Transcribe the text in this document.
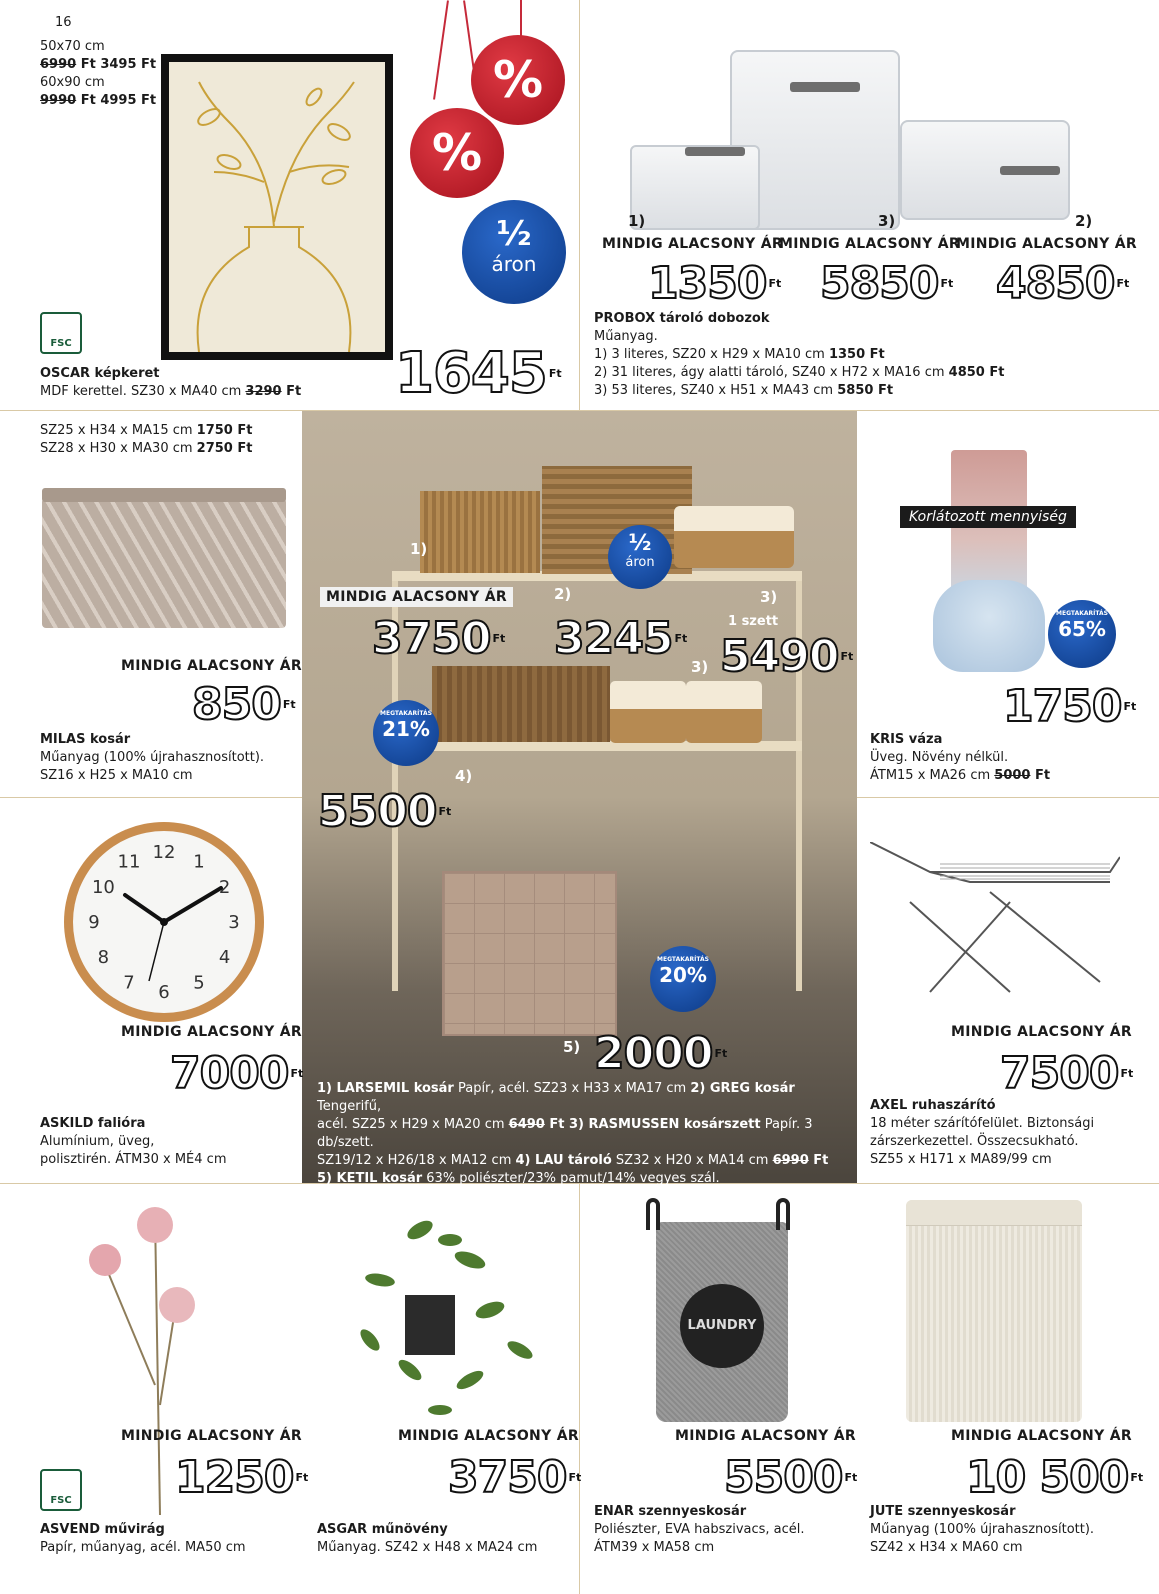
16
50x70 cm
6990 Ft 3495 Ft
60x90 cm
9990 Ft 4995 Ft
%
%
½
áron
FSC
OSCAR képkeret
MDF kerettel. SZ30 x MA40 cm 3290 Ft 1645 $^{Ft}$
1)	3)	2)
MINDIG ALACSONY ÁR
MINDIG ALACSONY ÁR
MINDIG ALACSONY ÁR
1350 $^{Ft}$ 5850 $^{Ft}$ 4850 $^{Ft}$
PROBOX tároló dobozok
Műanyag.
1) 3 literes, SZ20 x H29 x MA10 cm 1350 Ft
2) 31 literes, ágy alatti tároló, SZ40 x H72 x MA16 cm 4850 Ft
3) 53 literes, SZ40 x H51 x MA43 cm 5850 Ft
SZ25 x H34 x MA15 cm 1750 Ft
SZ28 x H30 x MA30 cm 2750 Ft
MINDIG ALACSONY ÁR
850 $^{Ft}$
MILAS kosár
Műanyag (100% újrahasznosított).
SZ16 x H25 x MA10 cm
1)
2)	3)
3)
4)
5)
MINDIG ALACSONY ÁR
3750 $^{Ft}$ 3245 $^{Ft}$
1 szett
5490 $^{Ft}$
5500 $^{Ft}$
2000 $^{Ft}$
½
áron
MEGTAKARÍTÁS
21%
MEGTAKARÍTÁS
20%
1) LARSEMIL kosár Papír, acél. SZ23 x H33 x MA17 cm 2) GREG kosár Tengerifű,
acél. SZ25 x H29 x MA20 cm 6490 Ft 3) RASMUSSEN kosárszett Papír. 3 db/szett.
SZ19/12 x H26/18 x MA12 cm 4) LAU tároló SZ32 x H20 x MA14 cm 6990 Ft
5) KETIL kosár 63% poliészter/23% pamut/14% vegyes szál.
SZ27 x H27 x MA26 cm 2500 Ft
Korlátozott mennyiség
MEGTAKARÍTÁS
65%
1750 $^{Ft}$
KRIS váza
Üveg. Növény nélkül.
ÁTM15 x MA26 cm 5000 Ft
12 1
2
3
4
5
6
7
8
9
10
11
MINDIG ALACSONY ÁR
7000 $^{Ft}$
ASKILD falióra
Alumínium, üveg,
polisztirén. ÁTM30 x MÉ4 cm
MINDIG ALACSONY ÁR
7500 $^{Ft}$
AXEL ruhaszárító
18 méter szárítófelület. Biztonsági
zárszerkezettel. Összecsukható.
SZ55 x H171 x MA89/99 cm
FSC
MINDIG ALACSONY ÁR
1250 $^{Ft}$
ASVEND művirág
Papír, műanyag, acél. MA50 cm
MINDIG ALACSONY ÁR
3750 $^{Ft}$
ASGAR műnövény
Műanyag. SZ42 x H48 x MA24 cm
LAUNDRY
MINDIG ALACSONY ÁR
5500 $^{Ft}$
ENAR szennyeskosár
Poliészter, EVA habszivacs, acél.
ÁTM39 x MA58 cm
MINDIG ALACSONY ÁR
10 500 $^{Ft}$
JUTE szennyeskosár
Műanyag (100% újrahasznosított).
SZ42 x H34 x MA60 cm
